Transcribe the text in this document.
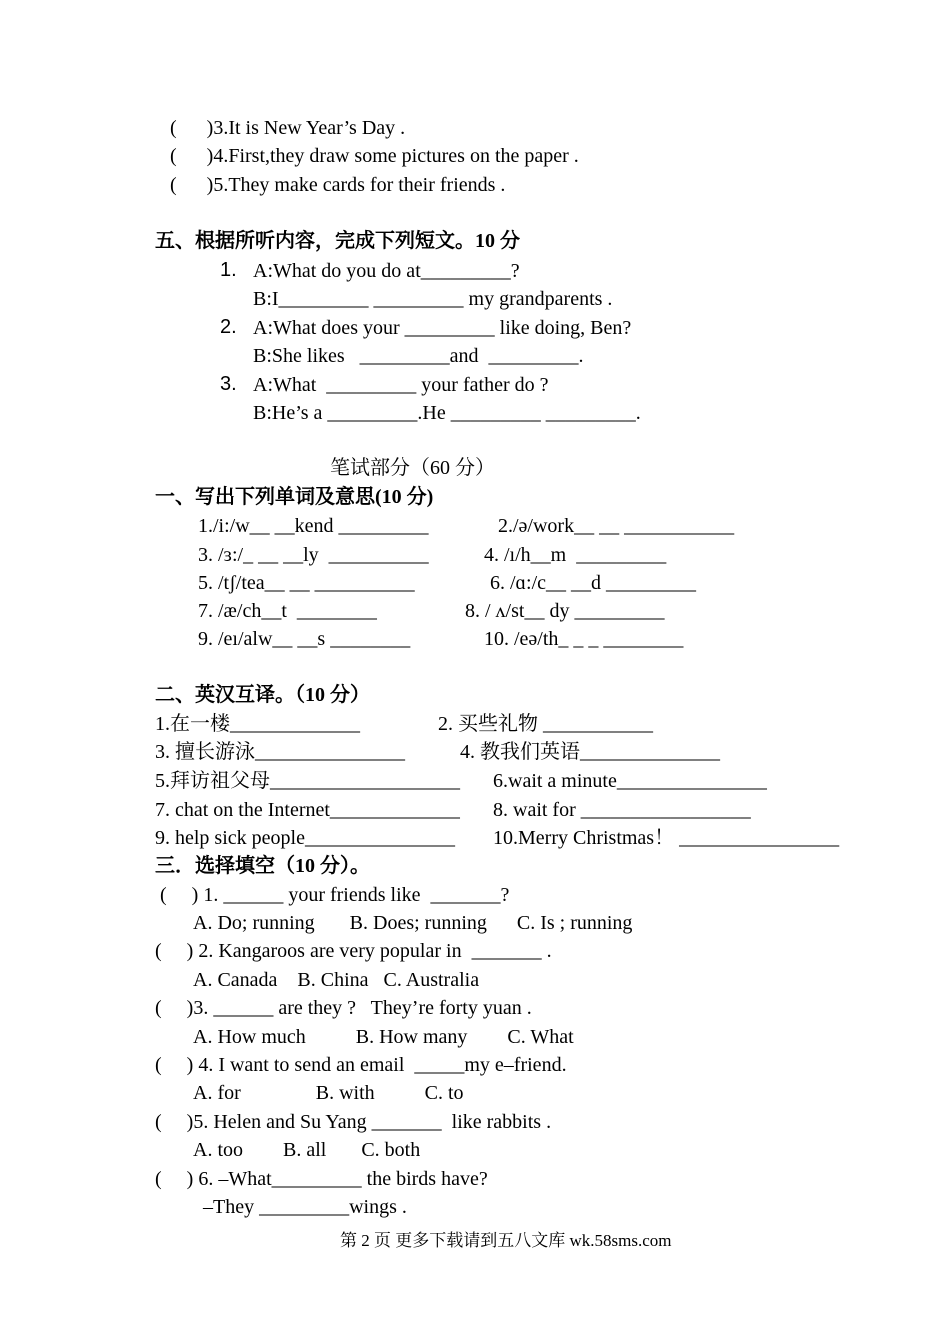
(      )3.It is New Year’s Day .
(      )4.First,they draw some pictures on the paper .
(      )5.They make cards for their friends .
五、根据所听内容，完成下列短文。10 分
1. A:What do you do at_________?
B:I_________ _________ my grandparents .
2. A:What does your _________ like doing, Ben?
B:She likes   _________and  _________.
3. A:What  _________ your father do ?
B:He’s a _________.He _________ _________.
笔试部分（60 分）
一、写出下列单词及意思(10 分)
1./i:/w__ __kend _________	2./ə/work__ __ ___________
3. /ɜ:/_ __ __ly  __________	4. /ı/h__m  _________
5. /tʃ/tea__ __ __________	6. /ɑ:/c__ __d _________
7. /æ/ch__t  ________	8. / ʌ/st__ dy _________
9. /eı/alw__ __s ________	10. /eə/th_ _ _ ________
二、英汉互译。（10 分）
1.在一楼_____________	2. 买些礼物 ___________
3. 擅长游泳_______________	4. 教我们英语______________
5.拜访祖父母___________________ 6.wait a minute_______________
7. chat on the Internet_____________ 8. wait for _________________
9. help sick people_______________ 10.Merry Christmas！ ________________
三．选择填空（10 分）。
(     ) 1. ______ your friends like  _______?
A. Do; running       B. Does; running      C. Is ; running
(     ) 2. Kangaroos are very popular in  _______ .
A. Canada    B. China   C. Australia
(     )3. ______ are they ?   They’re forty yuan .
A. How much          B. How many        C. What
(     ) 4. I want to send an email  _____my e–friend.
A. for               B. with          C. to
(     )5. Helen and Su Yang _______  like rabbits .
A. too        B. all       C. both
(     ) 6. –What_________ the birds have?
–They _________wings .
第 2 页 更多下载请到五八文库 wk.58sms.com
